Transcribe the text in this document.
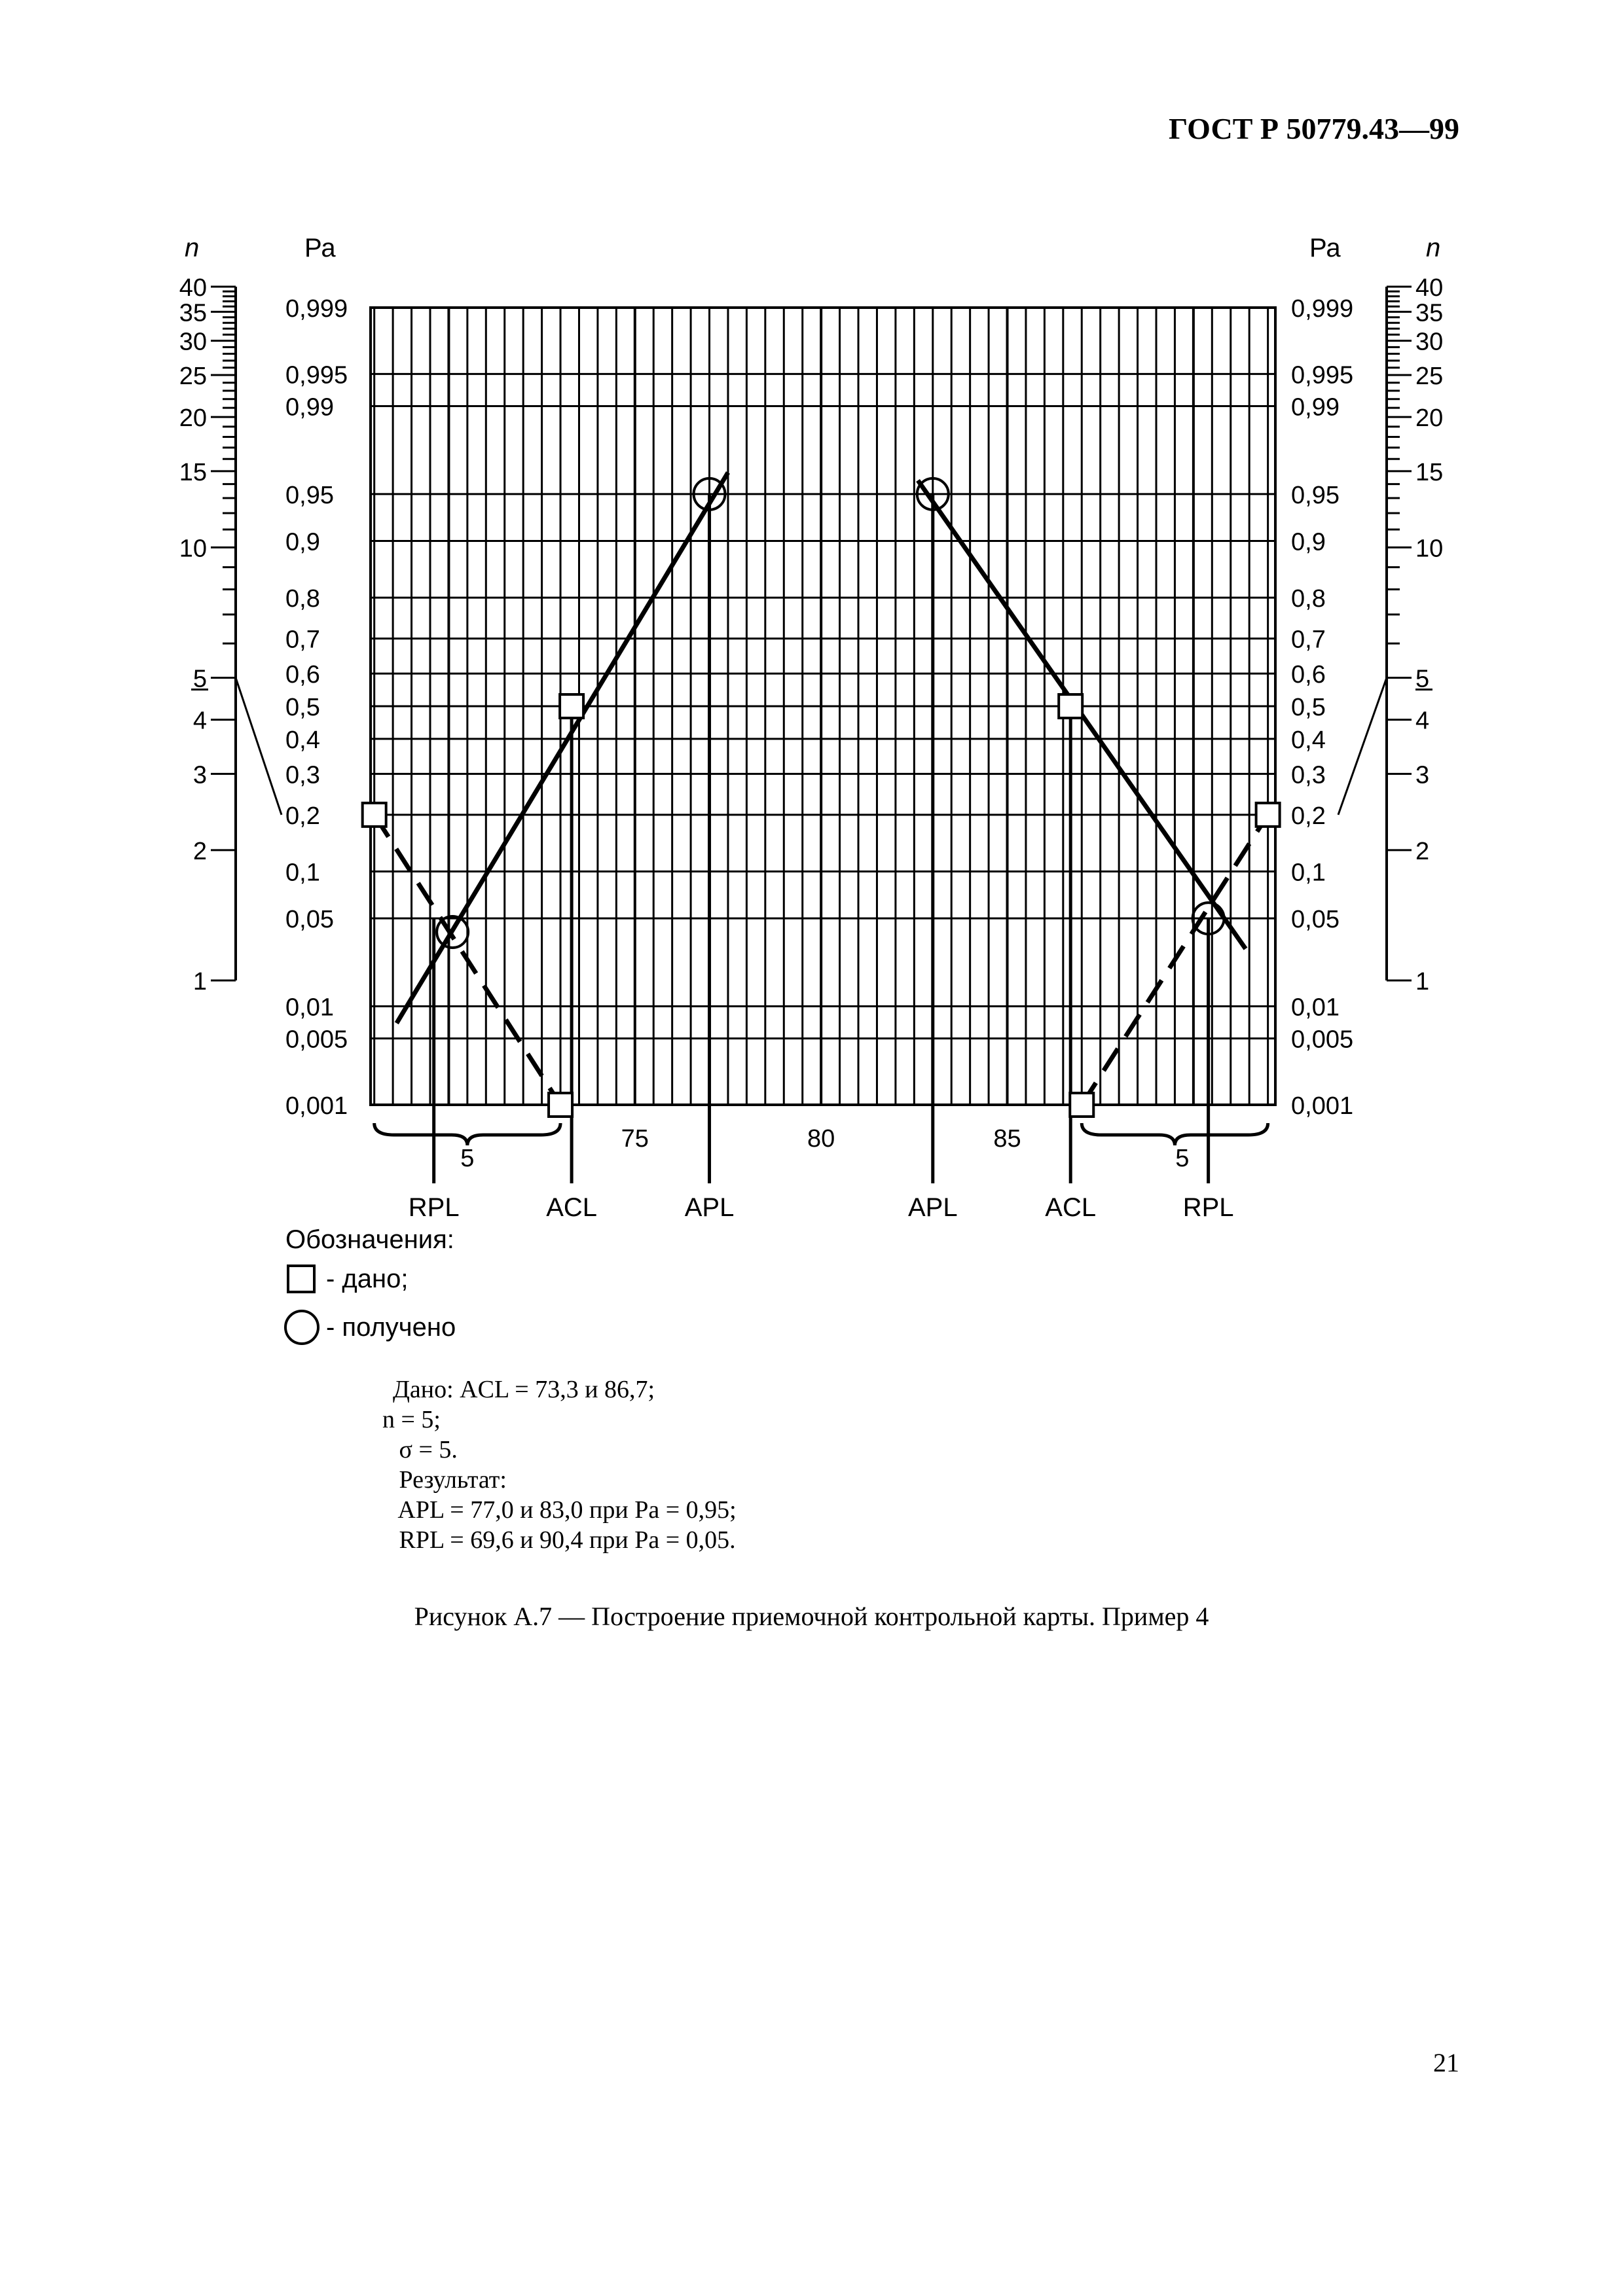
ГОСТ Р 50779.43—99
0,999	0,999
0,995	0,995
0,99	0,99
0,95	0,95
0,9	0,9
0,8	0,8
0,7	0,7
0,6	0,6
0,5	0,5
0,4	0,4
0,3	0,3
0,2	0,2
0,1	0,1
0,05	0,05
0,01	0,01
0,005	0,005
0,001	0,001
Ра	Ра
n	n
40	40
35	35
30	30
25	25
20	20
15	15
10	10
5	5
4	4
3	3
2	2
1	1
75	80	85
RPL	ACL	APL	APL	ACL	RPL
5	5
Обозначения:
- дано;
- получено
Дано: ACL = 73,3 и 86,7;
n = 5;
σ = 5.
Результат:
APL = 77,0 и 83,0 при Ра = 0,95;
RPL = 69,6 и 90,4 при Ра = 0,05.
Рисунок А.7 — Построение приемочной контрольной карты. Пример 4
21
